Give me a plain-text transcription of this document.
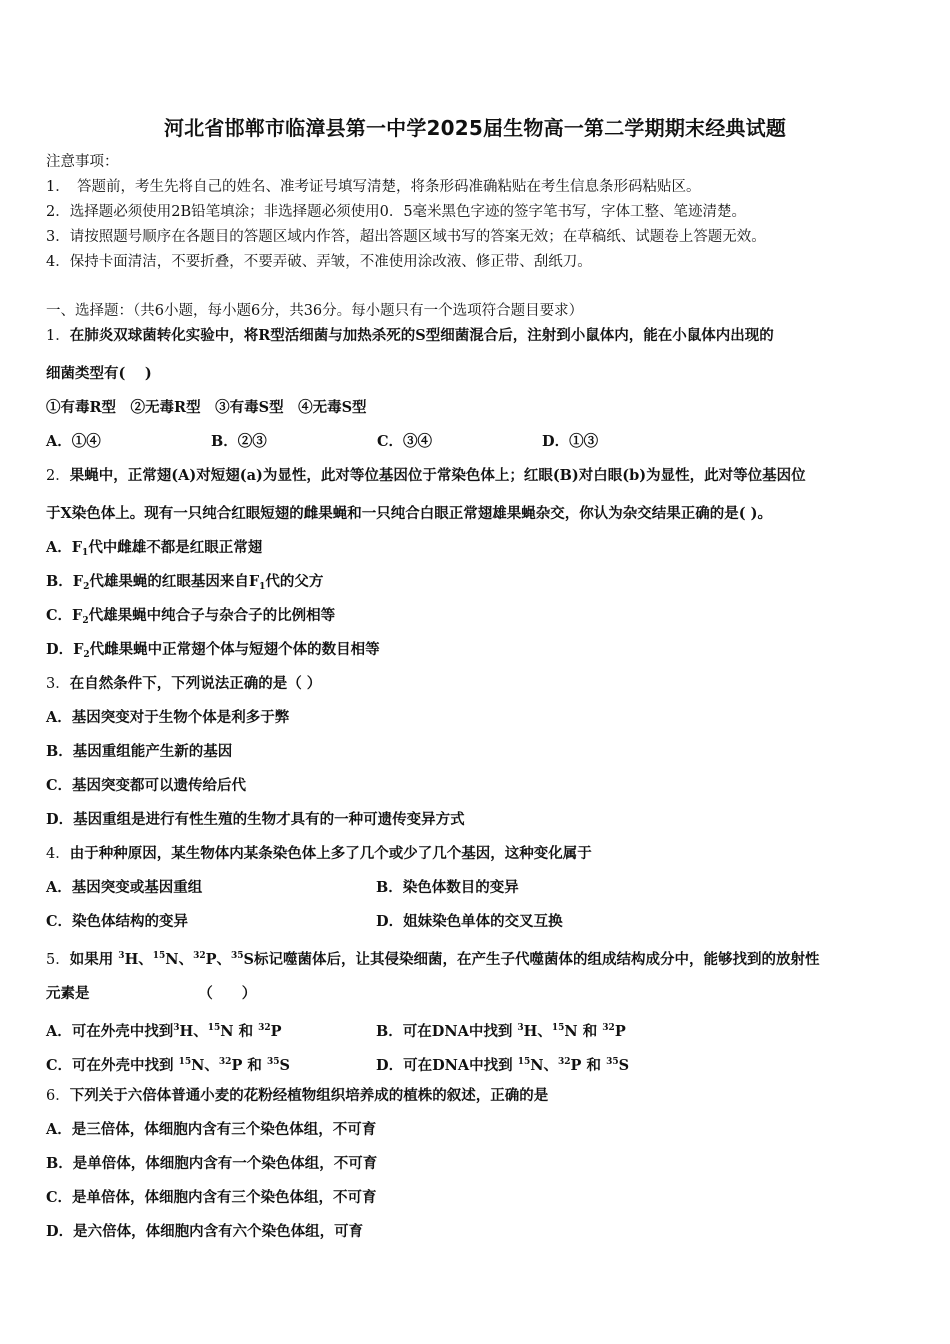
河北省邯郸市临漳县第一中学2025届生物高一第二学期期末经典试题
注意事项：
1．　答题前，考生先将自己的姓名、准考证号填写清楚，将条形码准确粘贴在考生信息条形码粘贴区。
2．选择题必须使用2B铅笔填涂；非选择题必须使用0．5毫米黑色字迹的签字笔书写，字体工整、笔迹清楚。
3．请按照题号顺序在各题目的答题区域内作答，超出答题区域书写的答案无效；在草稿纸、试题卷上答题无效。
4．保持卡面清洁，不要折叠，不要弄破、弄皱，不准使用涂改液、修正带、刮纸刀。
一、选择题：（共6小题，每小题6分，共36分。每小题只有一个选项符合题目要求）
1．在肺炎双球菌转化实验中，将R型活细菌与加热杀死的S型细菌混合后，注射到小鼠体内，能在小鼠体内出现的
细菌类型有(　 )
①有毒R型　②无毒R型　③有毒S型　④无毒S型
A．①④	B．②③	C．③④	D．①③
2．果蝇中，正常翅(A)对短翅(a)为显性，此对等位基因位于常染色体上；红眼(B)对白眼(b)为显性，此对等位基因位
于X染色体上。现有一只纯合红眼短翅的雌果蝇和一只纯合白眼正常翅雄果蝇杂交，你认为杂交结果正确的是( )。
A．$F_1$代中雌雄不都是红眼正常翅
B．$F_2$代雄果蝇的红眼基因来自$F_1$代的父方
C．$F_2$代雄果蝇中纯合子与杂合子的比例相等
D．$F_2$代雌果蝇中正常翅个体与短翅个体的数目相等
3．在自然条件下，下列说法正确的是（ ）
A．基因突变对于生物个体是利多于弊
B．基因重组能产生新的基因
C．基因突变都可以遗传给后代
D．基因重组是进行有性生殖的生物才具有的一种可遗传变异方式
4．由于种种原因，某生物体内某条染色体上多了几个或少了几个基因，这种变化属于
A．基因突变或基因重组	B．染色体数目的变异
C．染色体结构的变异	D．姐妹染色单体的交叉互换
5．如果用 $^3$H、$^{15}$N、$^{32}$P、$^{35}$S标记噬菌体后，让其侵染细菌，在产生子代噬菌体的组成结构成分中，能够找到的放射性
元素是　　　　　　　　（　　）
A．可在外壳中找到$^3$H、$^{15}$N 和 $^{32}$P	B．可在DNA中找到 $^3$H、$^{15}$N 和 $^{32}$P
C．可在外壳中找到 $^{15}$N、$^{32}$P 和 $^{35}$S	D．可在DNA中找到 $^{15}$N、$^{32}$P 和 $^{35}$S
6．下列关于六倍体普通小麦的花粉经植物组织培养成的植株的叙述，正确的是
A．是三倍体，体细胞内含有三个染色体组，不可育
B．是单倍体，体细胞内含有一个染色体组，不可育
C．是单倍体，体细胞内含有三个染色体组，不可育
D．是六倍体，体细胞内含有六个染色体组，可育
